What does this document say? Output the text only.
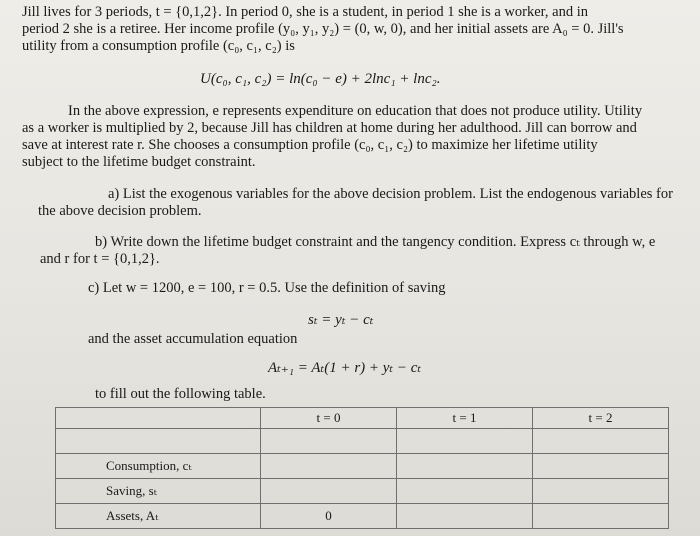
Jill lives for 3 periods, t = {0,1,2}. In period 0, she is a student, in period 1 she is a worker, and in

period 2 she is a retiree. Her income profile (y₀, y₁, y₂) = (0, w, 0), and her initial assets are A₀ = 0. Jill's

utility from a consumption profile (c₀, c₁, c₂) is

U(c₀, c₁, c₂) = ln(c₀ − e) + 2lnc₁ + lnc₂.

In the above expression, e represents expenditure on education that does not produce utility. Utility

as a worker is multiplied by 2, because Jill has children at home during her adulthood. Jill can borrow and

save at interest rate r. She chooses a consumption profile (c₀, c₁, c₂) to maximize her lifetime utility

subject to the lifetime budget constraint.

a) List the exogenous variables for the above decision problem. List the endogenous variables for

the above decision problem.

b) Write down the lifetime budget constraint and the tangency condition. Express cₜ through w, e

and r for t = {0,1,2}.

c) Let w = 1200, e = 100, r = 0.5. Use the definition of saving

sₜ = yₜ − cₜ

and the asset accumulation equation

Aₜ₊₁ = Aₜ(1 + r) + yₜ − cₜ

to fill out the following table.

	t = 0	t = 1	t = 2

Consumption, cₜ			
Saving, sₜ			
Assets, Aₜ	0		
